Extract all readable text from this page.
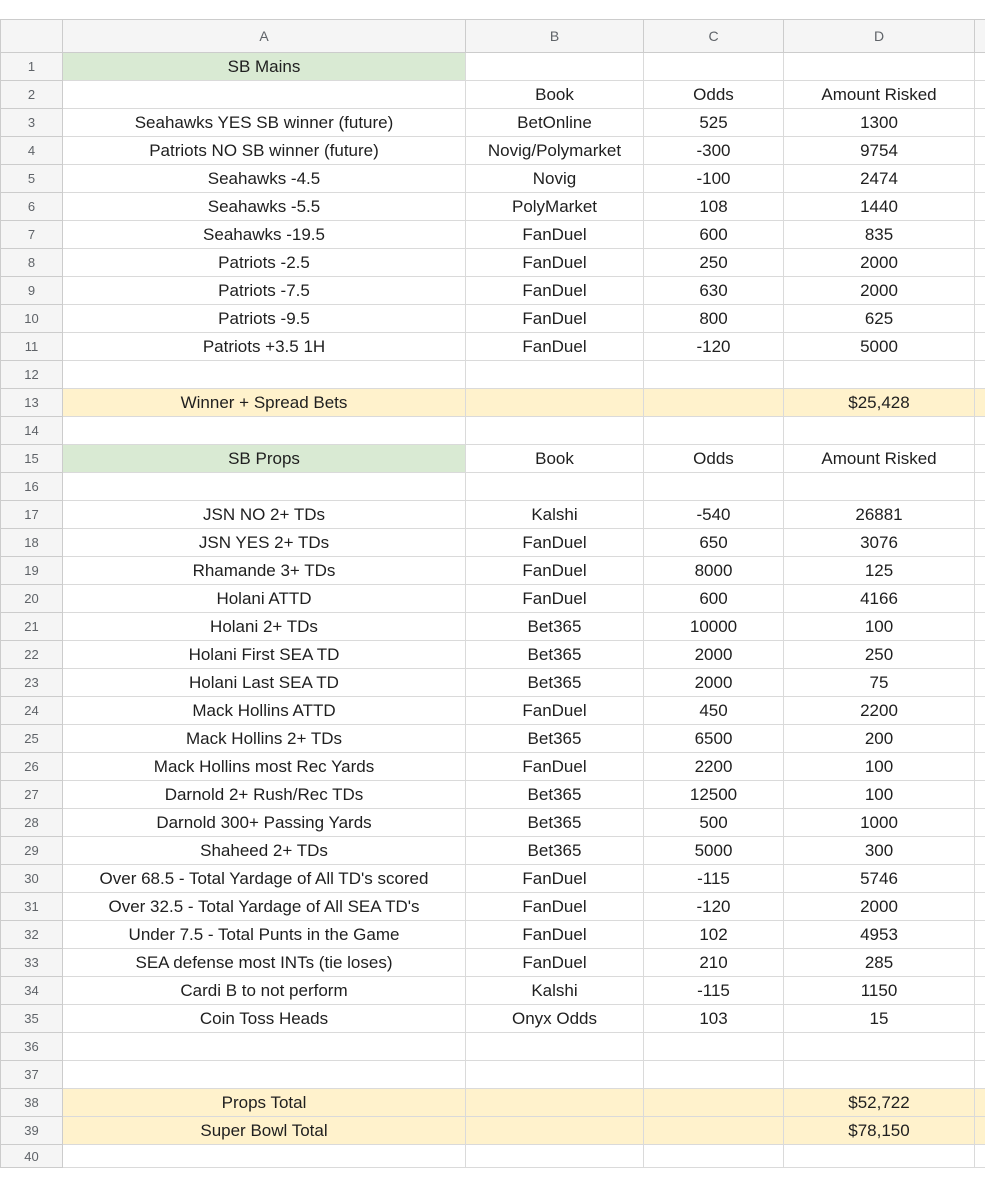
	A	B	C	D	
1	SB Mains				
2		Book	Odds	Amount Risked	
3	Seahawks YES SB winner (future)	BetOnline	525	1300	
4	Patriots NO SB winner (future)	Novig/Polymarket	-300	9754	
5	Seahawks -4.5	Novig	-100	2474	
6	Seahawks -5.5	PolyMarket	108	1440	
7	Seahawks -19.5	FanDuel	600	835	
8	Patriots -2.5	FanDuel	250	2000	
9	Patriots -7.5	FanDuel	630	2000	
10	Patriots -9.5	FanDuel	800	625	
11	Patriots +3.5 1H	FanDuel	-120	5000	
12					
13	Winner + Spread Bets			$25,428	
14					
15	SB Props	Book	Odds	Amount Risked	
16					
17	JSN NO 2+ TDs	Kalshi	-540	26881	
18	JSN YES 2+ TDs	FanDuel	650	3076	
19	Rhamande 3+ TDs	FanDuel	8000	125	
20	Holani ATTD	FanDuel	600	4166	
21	Holani 2+ TDs	Bet365	10000	100	
22	Holani First SEA TD	Bet365	2000	250	
23	Holani Last SEA TD	Bet365	2000	75	
24	Mack Hollins ATTD	FanDuel	450	2200	
25	Mack Hollins 2+ TDs	Bet365	6500	200	
26	Mack Hollins most Rec Yards	FanDuel	2200	100	
27	Darnold 2+ Rush/Rec TDs	Bet365	12500	100	
28	Darnold 300+ Passing Yards	Bet365	500	1000	
29	Shaheed 2+ TDs	Bet365	5000	300	
30	Over 68.5 - Total Yardage of All TD's scored	FanDuel	-115	5746	
31	Over 32.5 - Total Yardage of All SEA TD's	FanDuel	-120	2000	
32	Under 7.5 - Total Punts in the Game	FanDuel	102	4953	
33	SEA defense most INTs (tie loses)	FanDuel	210	285	
34	Cardi B to not perform	Kalshi	-115	1150	
35	Coin Toss Heads	Onyx Odds	103	15	
36					
37					
38	Props Total			$52,722	
39	Super Bowl Total			$78,150	
40					
